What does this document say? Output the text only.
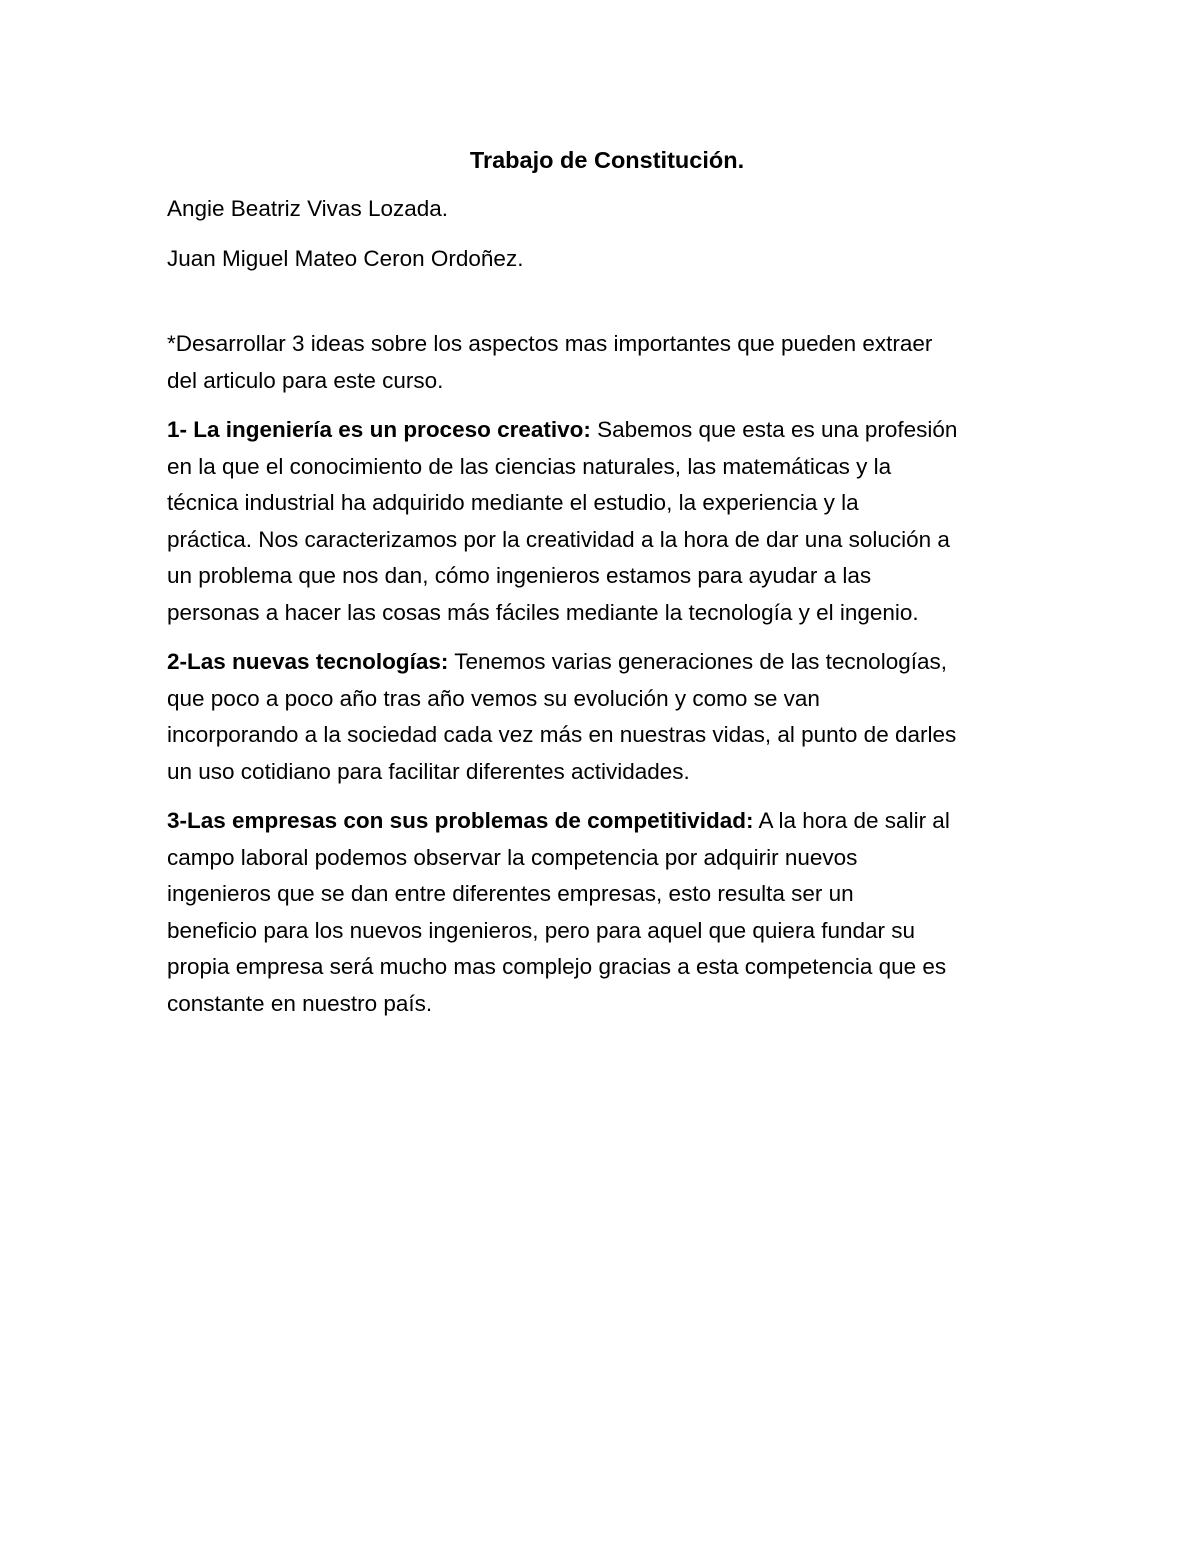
Trabajo de Constitución.
Angie Beatriz Vivas Lozada.
Juan Miguel Mateo Ceron Ordoñez.
*Desarrollar 3 ideas sobre los aspectos mas importantes que pueden extraer
del articulo para este curso.
1- La ingeniería es un proceso creativo: Sabemos que esta es una profesión
en la que el conocimiento de las ciencias naturales, las matemáticas y la
técnica industrial ha adquirido mediante el estudio, la experiencia y la
práctica. Nos caracterizamos por la creatividad a la hora de dar una solución a
un problema que nos dan, cómo ingenieros estamos para ayudar a las
personas a hacer las cosas más fáciles mediante la tecnología y el ingenio.
2-Las nuevas tecnologías: Tenemos varias generaciones de las tecnologías,
que poco a poco año tras año vemos su evolución y como se van
incorporando a la sociedad cada vez más en nuestras vidas, al punto de darles
un uso cotidiano para facilitar diferentes actividades.
3-Las empresas con sus problemas de competitividad: A la hora de salir al
campo laboral podemos observar la competencia por adquirir nuevos
ingenieros que se dan entre diferentes empresas, esto resulta ser un
beneficio para los nuevos ingenieros, pero para aquel que quiera fundar su
propia empresa será mucho mas complejo gracias a esta competencia que es
constante en nuestro país.
